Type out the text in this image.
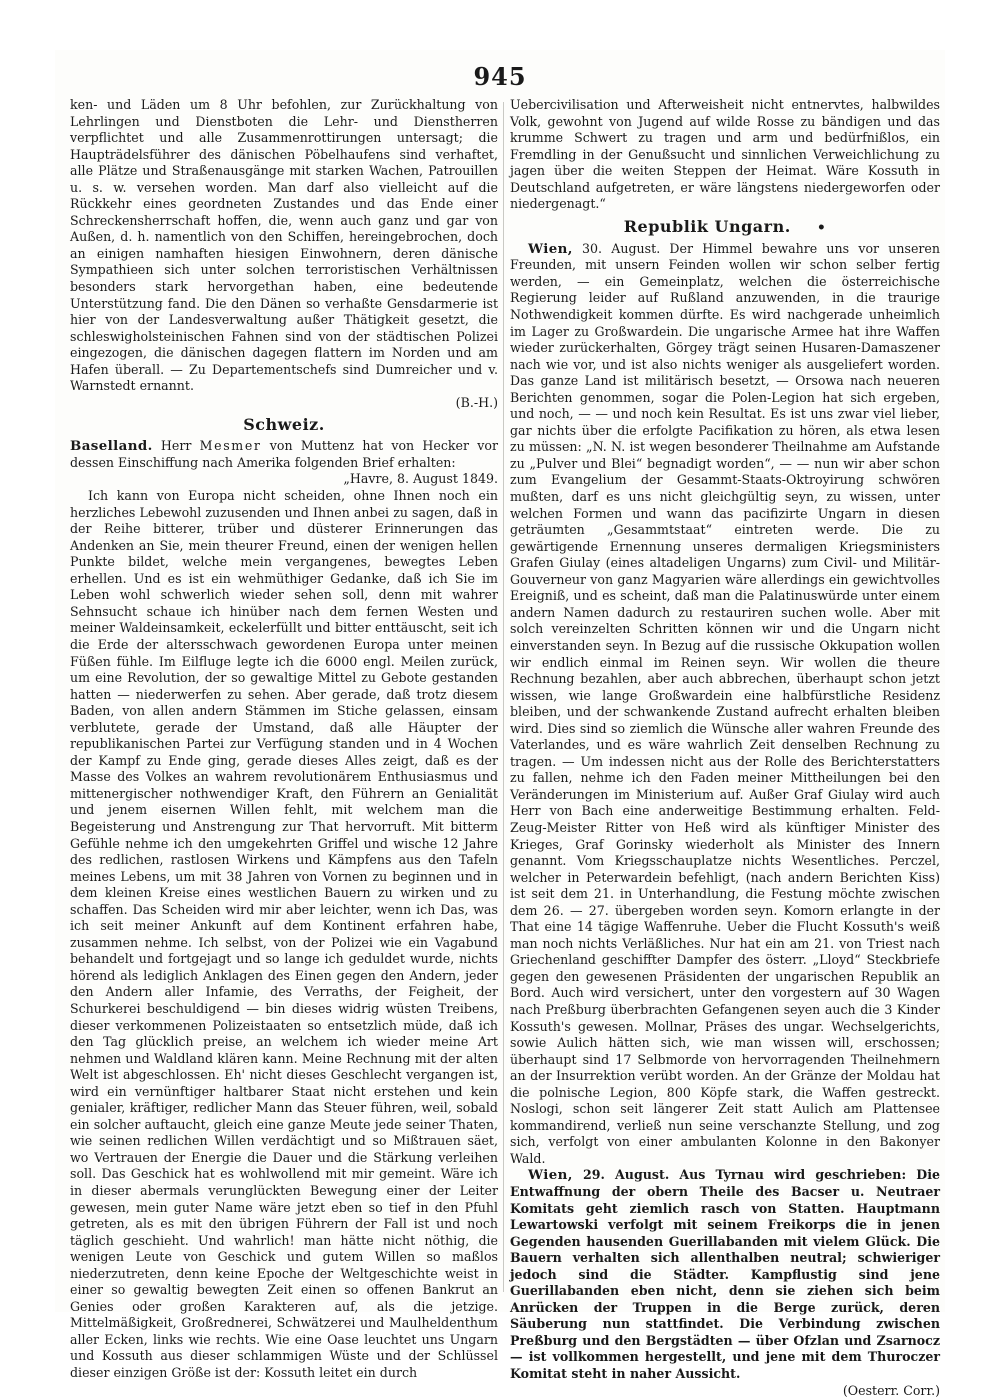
945

ken- und Läden um 8 Uhr befohlen, zur Zurückhaltung von Lehrlingen und Dienstboten die Lehr- und Dienstherren verpflichtet und alle Zusammenrottirungen untersagt; die Haupträdelsführer des dänischen Pöbelhaufens sind verhaftet, alle Plätze und Straßenausgänge mit starken Wachen, Patrouillen u. s. w. versehen worden. Man darf also vielleicht auf die Rückkehr eines geordneten Zustandes und das Ende einer Schreckensherrschaft hoffen, die, wenn auch ganz und gar von Außen, d. h. namentlich von den Schiffen, hereingebrochen, doch an einigen namhaften hiesigen Einwohnern, deren dänische Sympathieen sich unter solchen terroristischen Verhältnissen besonders stark hervorgethan haben, eine bedeutende Unterstützung fand. Die den Dänen so verhaßte Gensdarmerie ist hier von der Landesverwaltung außer Thätigkeit gesetzt, die schleswigholsteinischen Fahnen sind von der städtischen Polizei eingezogen, die dänischen dagegen flattern im Norden und am Hafen überall. — Zu Departementschefs sind Dumreicher und v. Warnstedt ernannt.

(B.-H.)

Schweiz.

Baselland. Herr Mesmer von Muttenz hat von Hecker vor dessen Einschiffung nach Amerika folgenden Brief erhalten:

„Havre, 8. August 1849.

Ich kann von Europa nicht scheiden, ohne Ihnen noch ein herzliches Lebewohl zuzusenden und Ihnen anbei zu sagen, daß in der Reihe bitterer, trüber und düsterer Erinnerungen das Andenken an Sie, mein theurer Freund, einen der wenigen hellen Punkte bildet, welche mein vergangenes, bewegtes Leben erhellen. Und es ist ein wehmüthiger Gedanke, daß ich Sie im Leben wohl schwerlich wieder sehen soll, denn mit wahrer Sehnsucht schaue ich hinüber nach dem fernen Westen und meiner Waldeinsamkeit, eckelerfüllt und bitter enttäuscht, seit ich die Erde der altersschwach gewordenen Europa unter meinen Füßen fühle. Im Eilfluge legte ich die 6000 engl. Meilen zurück, um eine Revolution, der so gewaltige Mittel zu Gebote gestanden hatten — niederwerfen zu sehen. Aber gerade, daß trotz diesem Baden, von allen andern Stämmen im Stiche gelassen, einsam verblutete, gerade der Umstand, daß alle Häupter der republikanischen Partei zur Verfügung standen und in 4 Wochen der Kampf zu Ende ging, gerade dieses Alles zeigt, daß es der Masse des Volkes an wahrem revolutionärem Enthusiasmus und mittenergischer nothwendiger Kraft, den Führern an Genialität und jenem eisernen Willen fehlt, mit welchem man die Begeisterung und Anstrengung zur That hervorruft. Mit bitterm Gefühle nehme ich den umgekehrten Griffel und wische 12 Jahre des redlichen, rastlosen Wirkens und Kämpfens aus den Tafeln meines Lebens, um mit 38 Jahren von Vornen zu beginnen und in dem kleinen Kreise eines westlichen Bauern zu wirken und zu schaffen. Das Scheiden wird mir aber leichter, wenn ich Das, was ich seit meiner Ankunft auf dem Kontinent erfahren habe, zusammen nehme. Ich selbst, von der Polizei wie ein Vagabund behandelt und fortgejagt und so lange ich geduldet wurde, nichts hörend als lediglich Anklagen des Einen gegen den Andern, jeder den Andern aller Infamie, des Verraths, der Feigheit, der Schurkerei beschuldigend — bin dieses widrig wüsten Treibens, dieser verkommenen Polizeistaaten so entsetzlich müde, daß ich den Tag glücklich preise, an welchem ich wieder meine Art nehmen und Waldland klären kann. Meine Rechnung mit der alten Welt ist abgeschlossen. Eh' nicht dieses Geschlecht vergangen ist, wird ein vernünftiger haltbarer Staat nicht erstehen und kein genialer, kräftiger, redlicher Mann das Steuer führen, weil, sobald ein solcher auftaucht, gleich eine ganze Meute jede seiner Thaten, wie seinen redlichen Willen verdächtigt und so Mißtrauen säet, wo Vertrauen der Energie die Dauer und die Stärkung verleihen soll. Das Geschick hat es wohlwollend mit mir gemeint. Wäre ich in dieser abermals verunglückten Bewegung einer der Leiter gewesen, mein guter Name wäre jetzt eben so tief in den Pfuhl getreten, als es mit den übrigen Führern der Fall ist und noch täglich geschieht. Und wahrlich! man hätte nicht nöthig, die wenigen Leute von Geschick und gutem Willen so maßlos niederzutreten, denn keine Epoche der Weltgeschichte weist in einer so gewaltig bewegten Zeit einen so offenen Bankrut an Genies oder großen Karakteren auf, als die jetzige. Mittelmäßigkeit, Großrednerei, Schwätzerei und Maulheldenthum aller Ecken, links wie rechts. Wie eine Oase leuchtet uns Ungarn und Kossuth aus dieser schlammigen Wüste und der Schlüssel dieser einzigen Größe ist der: Kossuth leitet ein durch

Uebercivilisation und Afterweisheit nicht entnervtes, halbwildes Volk, gewohnt von Jugend auf wilde Rosse zu bändigen und das krumme Schwert zu tragen und arm und bedürfnißlos, ein Fremdling in der Genußsucht und sinnlichen Verweichlichung zu jagen über die weiten Steppen der Heimat. Wäre Kossuth in Deutschland aufgetreten, er wäre längstens niedergeworfen oder niedergenagt.“

Republik Ungarn. •

Wien, 30. August. Der Himmel bewahre uns vor unseren Freunden, mit unsern Feinden wollen wir schon selber fertig werden, — ein Gemeinplatz, welchen die österreichische Regierung leider auf Rußland anzuwenden, in die traurige Nothwendigkeit kommen dürfte. Es wird nachgerade unheimlich im Lager zu Großwardein. Die ungarische Armee hat ihre Waffen wieder zurückerhalten, Görgey trägt seinen Husaren-Damaszener nach wie vor, und ist also nichts weniger als ausgeliefert worden. Das ganze Land ist militärisch besetzt, — Orsowa nach neueren Berichten genommen, sogar die Polen-Legion hat sich ergeben, und noch, — — und noch kein Resultat. Es ist uns zwar viel lieber, gar nichts über die erfolgte Pacifikation zu hören, als etwa lesen zu müssen: „N. N. ist wegen besonderer Theilnahme am Aufstande zu „Pulver und Blei“ begnadigt worden“, — — nun wir aber schon zum Evangelium der Gesammt-Staats-Oktroyirung schwören mußten, darf es uns nicht gleichgültig seyn, zu wissen, unter welchen Formen und wann das pacifizirte Ungarn in diesen geträumten „Gesammtstaat“ eintreten werde. Die zu gewärtigende Ernennung unseres dermaligen Kriegsministers Grafen Giulay (eines altadeligen Ungarns) zum Civil- und Militär-Gouverneur von ganz Magyarien wäre allerdings ein gewichtvolles Ereigniß, und es scheint, daß man die Palatinuswürde unter einem andern Namen dadurch zu restauriren suchen wolle. Aber mit solch vereinzelten Schritten können wir und die Ungarn nicht einverstanden seyn. In Bezug auf die russische Okkupation wollen wir endlich einmal im Reinen seyn. Wir wollen die theure Rechnung bezahlen, aber auch abbrechen, überhaupt schon jetzt wissen, wie lange Großwardein eine halbfürstliche Residenz bleiben, und der schwankende Zustand aufrecht erhalten bleiben wird. Dies sind so ziemlich die Wünsche aller wahren Freunde des Vaterlandes, und es wäre wahrlich Zeit denselben Rechnung zu tragen. — Um indessen nicht aus der Rolle des Berichterstatters zu fallen, nehme ich den Faden meiner Mittheilungen bei den Veränderungen im Ministerium auf. Außer Graf Giulay wird auch Herr von Bach eine anderweitige Bestimmung erhalten. Feld-Zeug-Meister Ritter von Heß wird als künftiger Minister des Krieges, Graf Gorinsky wiederholt als Minister des Innern genannt. Vom Kriegsschauplatze nichts Wesentliches. Perczel, welcher in Peterwardein befehligt, (nach andern Berichten Kiss) ist seit dem 21. in Unterhandlung, die Festung möchte zwischen dem 26. — 27. übergeben worden seyn. Komorn erlangte in der That eine 14 tägige Waffenruhe. Ueber die Flucht Kossuth's weiß man noch nichts Verläßliches. Nur hat ein am 21. von Triest nach Griechenland geschiffter Dampfer des österr. „Lloyd“ Steckbriefe gegen den gewesenen Präsidenten der ungarischen Republik an Bord. Auch wird versichert, unter den vorgestern auf 30 Wagen nach Preßburg überbrachten Gefangenen seyen auch die 3 Kinder Kossuth's gewesen. Mollnar, Präses des ungar. Wechselgerichts, sowie Aulich hätten sich, wie man wissen will, erschossen; überhaupt sind 17 Selbmorde von hervorragenden Theilnehmern an der Insurrektion verübt worden. An der Gränze der Moldau hat die polnische Legion, 800 Köpfe stark, die Waffen gestreckt. Noslogi, schon seit längerer Zeit statt Aulich am Plattensee kommandirend, verließ nun seine verschanzte Stellung, und zog sich, verfolgt von einer ambulanten Kolonne in den Bakonyer Wald.

Wien, 29. August. Aus Tyrnau wird geschrieben: Die Entwaffnung der obern Theile des Bacser u. Neutraer Komitats geht ziemlich rasch von Statten. Hauptmann Lewartowski verfolgt mit seinem Freikorps die in jenen Gegenden hausenden Guerillabanden mit vielem Glück. Die Bauern verhalten sich allenthalben neutral; schwieriger jedoch sind die Städter. Kampflustig sind jene Guerillabanden eben nicht, denn sie ziehen sich beim Anrücken der Truppen in die Berge zurück, deren Säuberung nun stattfindet. Die Verbindung zwischen Preßburg und den Bergstädten — über Ofzlan und Zsarnocz — ist vollkommen hergestellt, und jene mit dem Thuroczer Komitat steht in naher Aussicht.

(Oesterr. Corr.)
